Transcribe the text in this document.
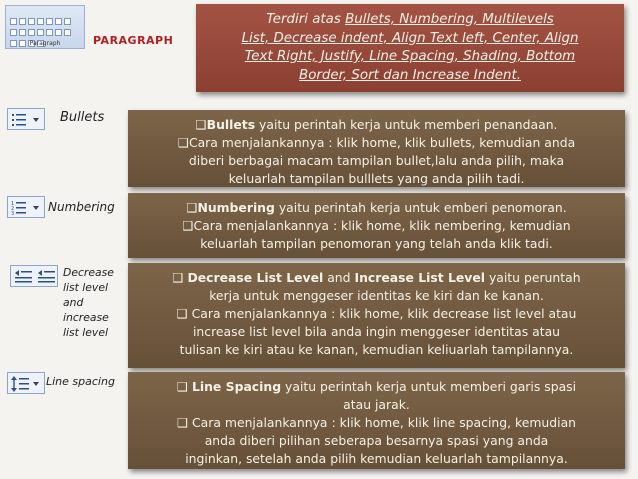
Paragraph	PARAGRAPH
Terdiri atas Bullets, Numbering, Multilevels
List, Decrease indent, Align Text left, Center, Align
Text Right, Justify, Line Spacing, Shading, Bottom
Border, Sort dan Increase Indent.
Bullets
1
2
3	Numbering
Decrease list level and increase list level
Line spacing
❑Bullets yaitu perintah kerja untuk memberi penandaan.
❑Cara menjalankannya : klik home, klik bullets, kemudian anda
diberi berbagai macam tampilan bullet,lalu anda pilih, maka
keluarlah tampilan bulllets yang anda pilih tadi.
❑Numbering yaitu perintah kerja untuk emberi penomoran.
❑Cara menjalankannya : klik home, klik nembering, kemudian
keluarlah tampilan penomoran yang telah anda klik tadi.
❑ Decrease List Level and Increase List Level yaitu peruntah
kerja untuk menggeser identitas ke kiri dan ke kanan.
❑ Cara menjalankannya : klik home, klik decrease list level atau
increase list level bila anda ingin menggeser identitas atau
tulisan ke kiri atau ke kanan, kemudian keliuarlah tampilannya.
❑ Line Spacing yaitu perintah kerja untuk memberi garis spasi
atau jarak.
❑ Cara menjalankannya : klik home, klik line spacing, kemudian
anda diberi pilihan seberapa besarnya spasi yang anda
inginkan, setelah anda pilih kemudian keluarlah tampilannya.
